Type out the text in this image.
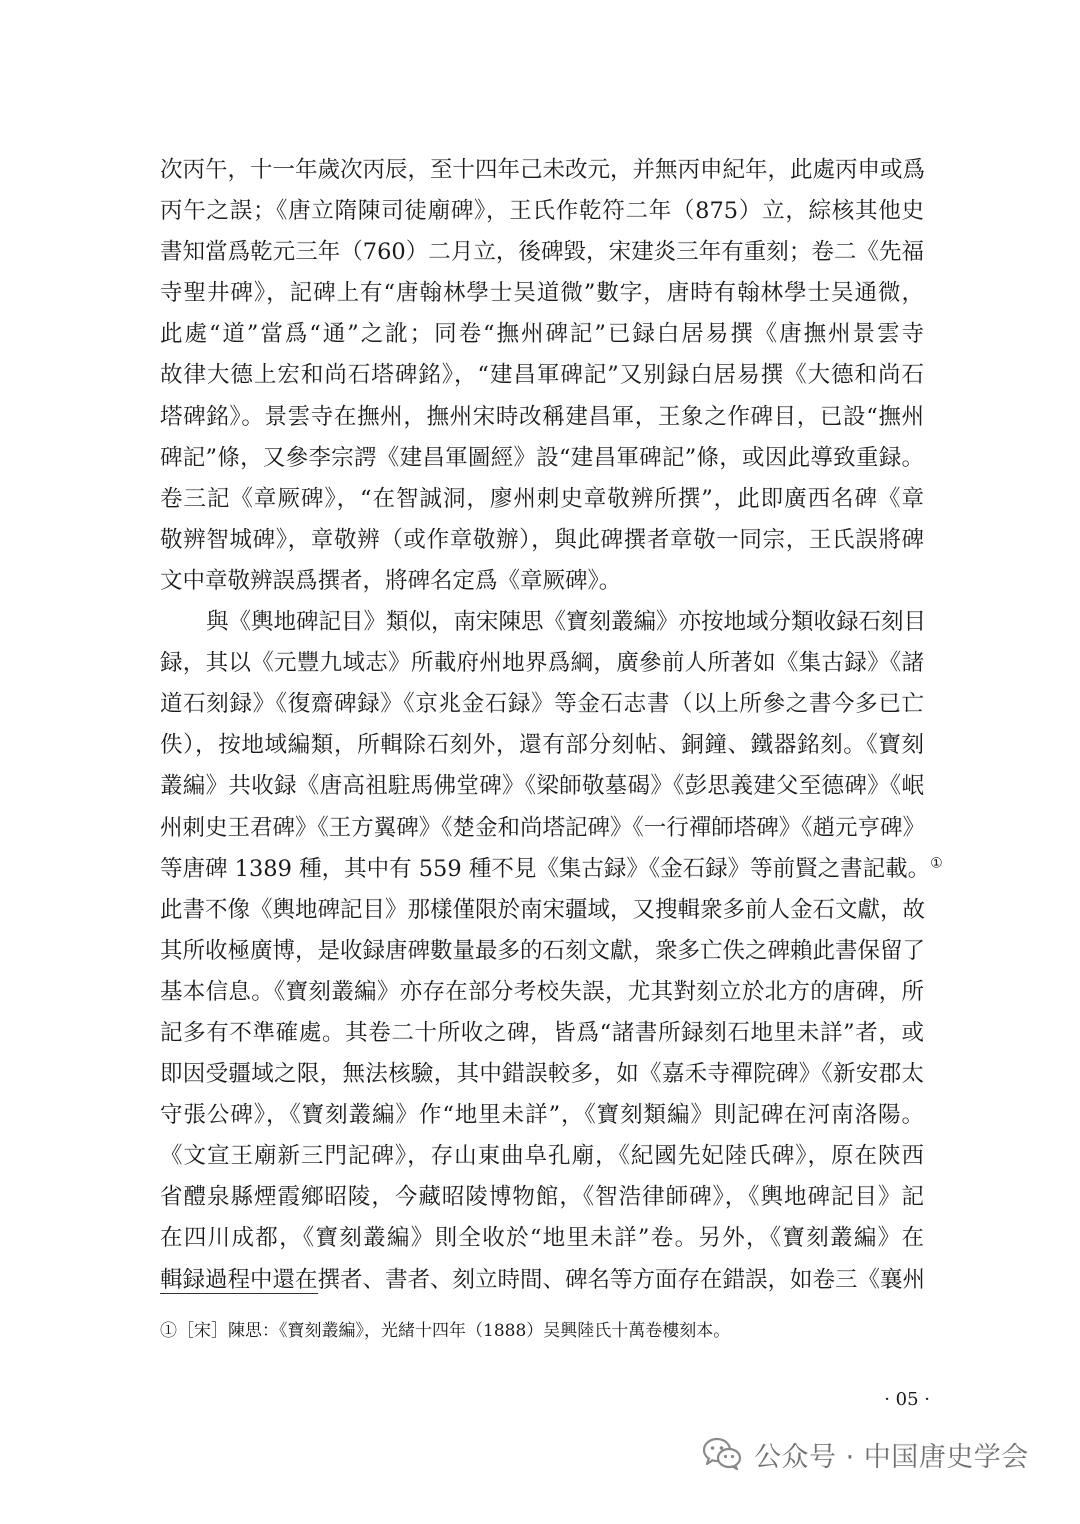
次丙午，十一年歲次丙辰，至十四年己未改元，并無丙申紀年，此處丙申或爲
丙午之誤；《唐立隋陳司徒廟碑》，王氏作乾符二年（875）立，綜核其他史
書知當爲乾元三年（760）二月立，後碑毀，宋建炎三年有重刻；卷二《先福
寺聖井碑》，記碑上有“唐翰林學士吴道微”數字，唐時有翰林學士吴通微，
此處“道”當爲“通”之訛；同卷“撫州碑記”已録白居易撰《唐撫州景雲寺
故律大德上宏和尚石塔碑銘》，“建昌軍碑記”又别録白居易撰《大德和尚石
塔碑銘》。景雲寺在撫州，撫州宋時改稱建昌軍，王象之作碑目，已設“撫州
碑記”條，又參李宗諤《建昌軍圖經》設“建昌軍碑記”條，或因此導致重録。
卷三記《章厥碑》，“在智誠洞，廖州刺史章敬辨所撰”，此即廣西名碑《章
敬辨智城碑》，章敬辨（或作章敬辦），與此碑撰者章敬一同宗，王氏誤將碑
文中章敬辨誤爲撰者，將碑名定爲《章厥碑》。
與《輿地碑記目》類似，南宋陳思《寶刻叢編》亦按地域分類收録石刻目
録，其以《元豐九域志》所載府州地界爲綱，廣參前人所著如《集古録》《諸
道石刻録》《復齋碑録》《京兆金石録》等金石志書（以上所參之書今多已亡
佚），按地域編類，所輯除石刻外，還有部分刻帖、銅鐘、鐵器銘刻。《寶刻
叢編》共收録《唐高祖駐馬佛堂碑》《梁師敬墓碣》《彭思義建父至德碑》《岷
州刺史王君碑》《王方翼碑》《楚金和尚塔記碑》《一行禪師塔碑》《趙元亨碑》
等唐碑 1389 種，其中有 559 種不見《集古録》《金石録》等前賢之書記載。①
此書不像《輿地碑記目》那樣僅限於南宋疆域，又搜輯衆多前人金石文獻，故
其所收極廣博，是收録唐碑數量最多的石刻文獻，衆多亡佚之碑賴此書保留了
基本信息。《寶刻叢編》亦存在部分考校失誤，尤其對刻立於北方的唐碑，所
記多有不準確處。其卷二十所收之碑，皆爲“諸書所録刻石地里未詳”者，或
即因受疆域之限，無法核驗，其中錯誤較多，如《嘉禾寺禪院碑》《新安郡太
守張公碑》，《寶刻叢編》作“地里未詳”，《寶刻類編》則記碑在河南洛陽。
《文宣王廟新三門記碑》，存山東曲阜孔廟，《紀國先妃陸氏碑》，原在陝西
省醴泉縣煙霞鄉昭陵，今藏昭陵博物館，《智浩律師碑》，《輿地碑記目》記
在四川成都，《寶刻叢編》則全收於“地里未詳”卷。另外，《寶刻叢編》在
輯録過程中還在撰者、書者、刻立時間、碑名等方面存在錯誤，如卷三《襄州
①［宋］陳思：《寶刻叢編》，光緒十四年（1888）吴興陸氏十萬卷樓刻本。
· 05 ·
公众号 · 中国唐史学会
